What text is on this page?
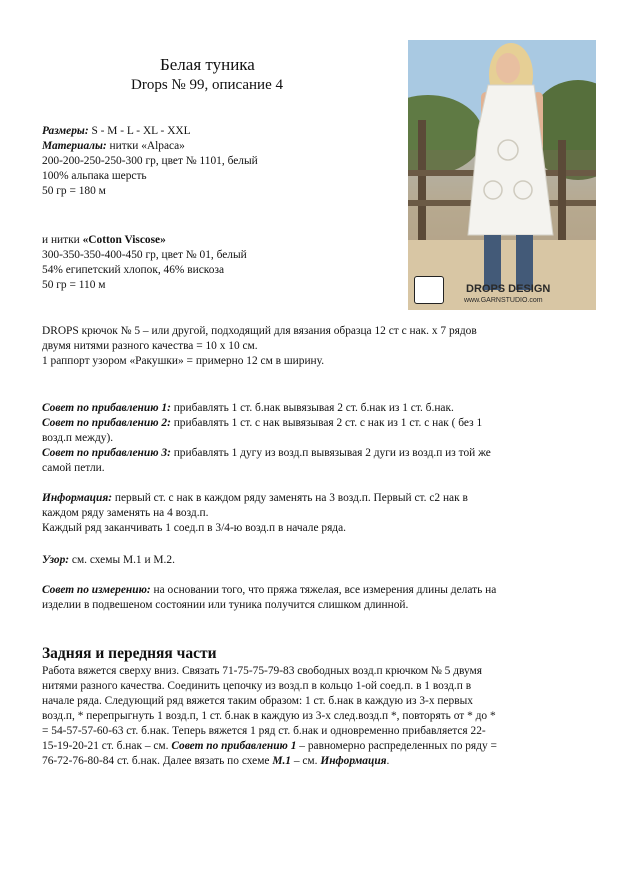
Белая туника
Drops № 99, описание 4
DROPS DESIGN
www.GARNSTUDIO.com
Размеры: S - M - L - XL - XXL
Материалы: нитки «Alpaca»
200-200-250-250-300 гр, цвет № 1101, белый
100% альпака шерсть
50 гр = 180 м
и нитки «Cotton Viscose»
300-350-350-400-450 гр, цвет № 01, белый
54% египетский хлопок, 46% вискоза
50 гр = 110 м
DROPS крючок № 5 – или другой, подходящий для вязания образца 12 ст с нак. х 7 рядов
двумя нитями разного качества = 10 х 10 см.
1 раппорт узором «Ракушки» = примерно 12 см в ширину.
Совет по прибавлению 1: прибавлять 1 ст. б.нак вывязывая 2 ст. б.нак из 1 ст. б.нак.
Совет по прибавлению 2: прибавлять 1 ст. с нак вывязывая 2 ст. с нак из 1 ст. с нак ( без 1
возд.п между).
Совет по прибавлению 3: прибавлять 1 дугу из возд.п вывязывая 2 дуги из возд.п из той же
самой петли.
Информация: первый ст. с нак в каждом ряду заменять на 3 возд.п. Первый ст. с2 нак в
каждом ряду заменять на 4 возд.п.
Каждый ряд заканчивать 1 соед.п в 3/4-ю возд.п в начале ряда.
Узор: см. схемы М.1 и М.2.
Совет по измерению: на основании того, что пряжа тяжелая, все измерения длины делать на
изделии в подвешеном состоянии или туника получится слишком длинной.
Задняя и передняя части
Работа вяжется сверху вниз. Связать 71-75-75-79-83 свободных возд.п крючком № 5 двумя
нитями разного качества. Соединить цепочку из возд.п в кольцо 1-ой соед.п. в 1 возд.п в
начале ряда. Следующий ряд вяжется таким образом: 1 ст. б.нак в каждую из 3-х первых
возд.п, * перепрыгнуть 1 возд.п, 1 ст. б.нак в каждую из 3-х след.возд.п *, повторять от * до *
= 54-57-57-60-63 ст. б.нак. Теперь вяжется 1 ряд ст. б.нак и одновременно прибавляется 22-
15-19-20-21 ст. б.нак – см. Совет по прибавлению 1 – равномерно распределенных по ряду =
76-72-76-80-84 ст. б.нак. Далее вязать по схеме М.1 – см. Информация.
